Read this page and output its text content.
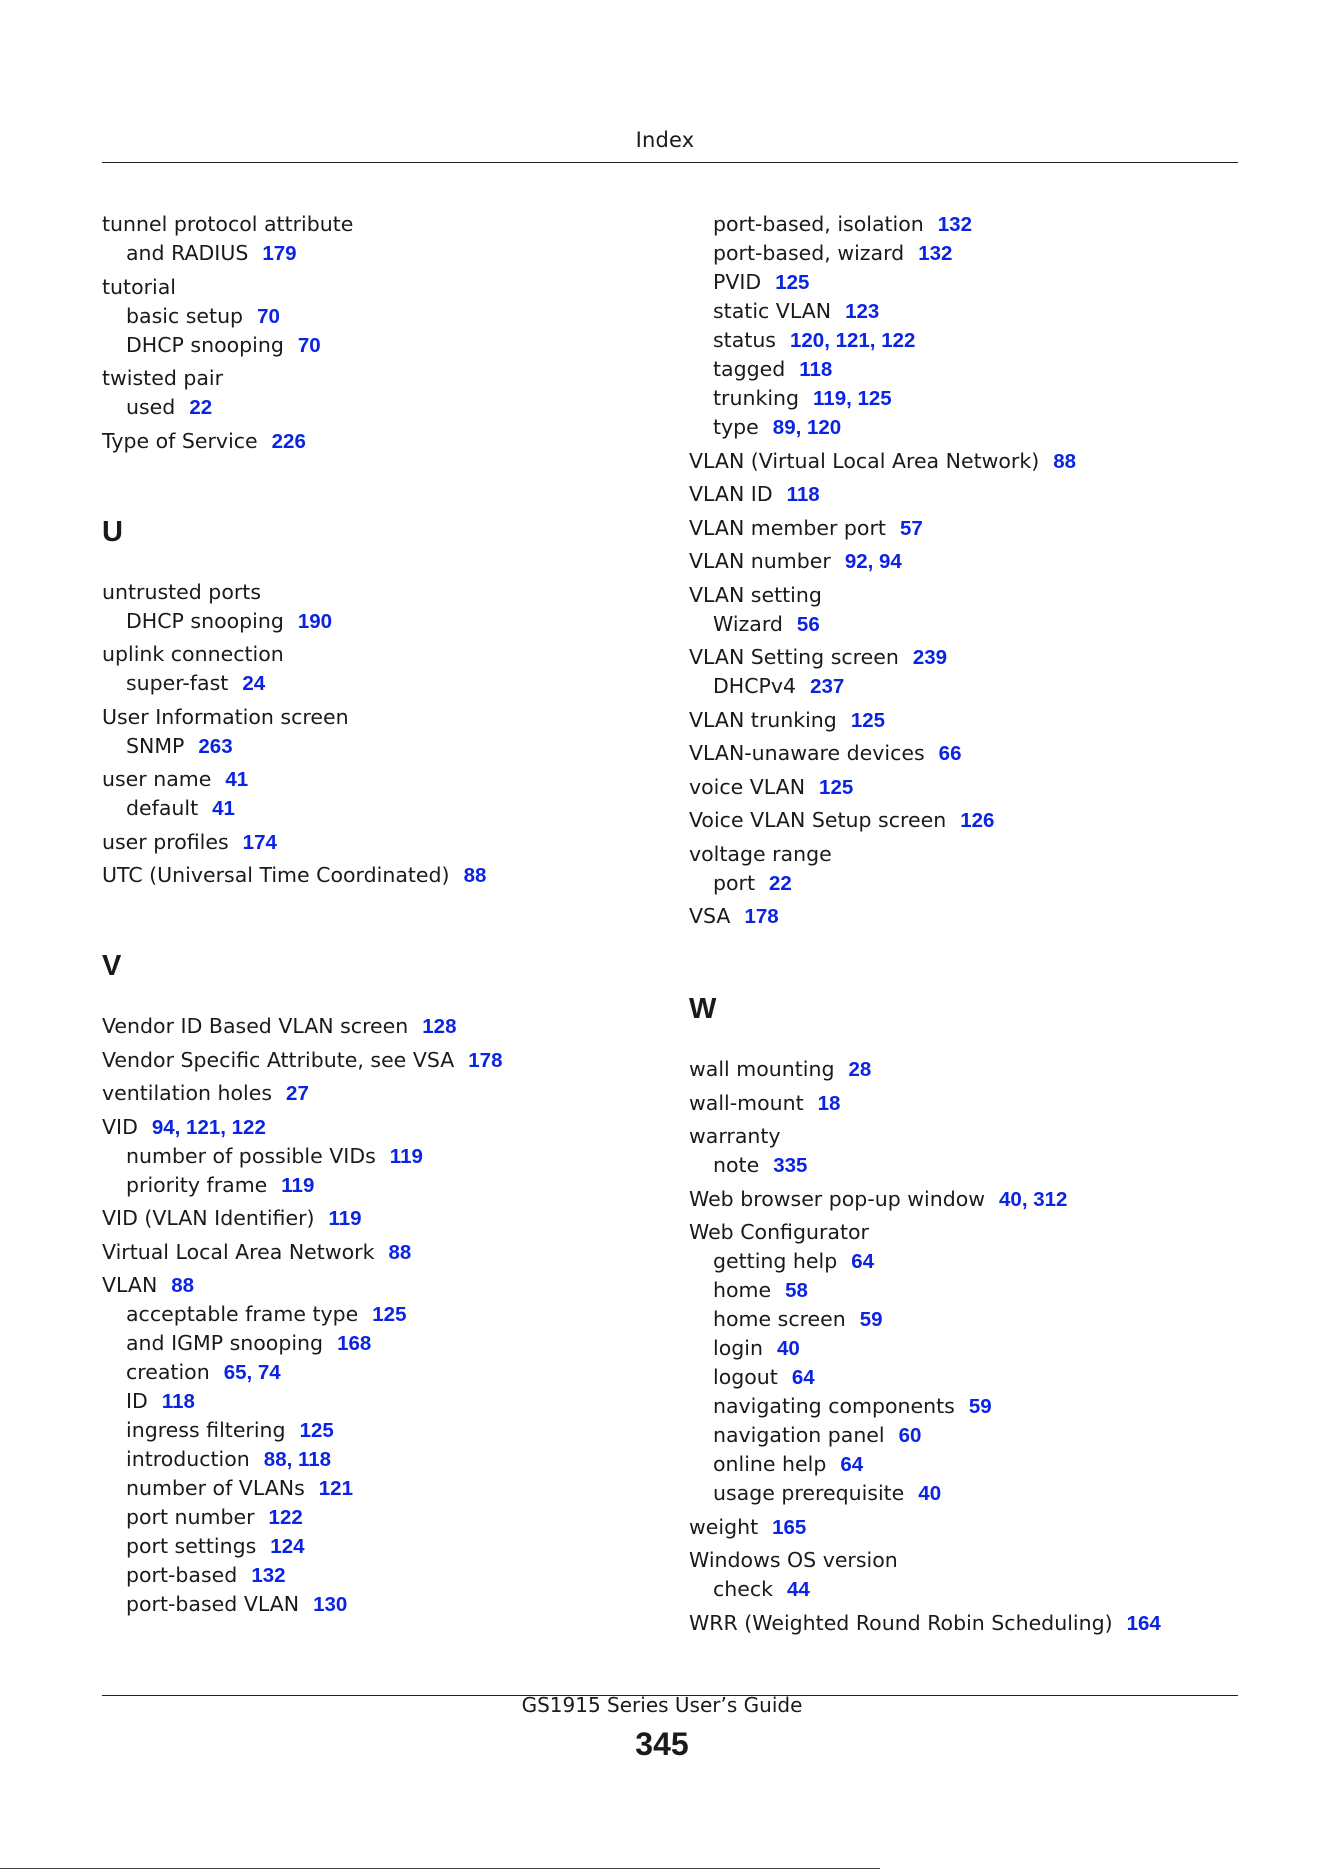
Index
tunnel protocol attribute
and RADIUS 179
tutorial
basic setup 70
DHCP snooping 70
twisted pair
used 22
Type of Service 226
U
untrusted ports
DHCP snooping 190
uplink connection
super-fast 24
User Information screen
SNMP 263
user name 41
default 41
user profiles 174
UTC (Universal Time Coordinated) 88
V
Vendor ID Based VLAN screen 128
Vendor Specific Attribute, see VSA 178
ventilation holes 27
VID 94, 121, 122
number of possible VIDs 119
priority frame 119
VID (VLAN Identifier) 119
Virtual Local Area Network 88
VLAN 88
acceptable frame type 125
and IGMP snooping 168
creation 65, 74
ID 118
ingress filtering 125
introduction 88, 118
number of VLANs 121
port number 122
port settings 124
port-based 132
port-based VLAN 130
port-based, isolation 132
port-based, wizard 132
PVID 125
static VLAN 123
status 120, 121, 122
tagged 118
trunking 119, 125
type 89, 120
VLAN (Virtual Local Area Network) 88
VLAN ID 118
VLAN member port 57
VLAN number 92, 94
VLAN setting
Wizard 56
VLAN Setting screen 239
DHCPv4 237
VLAN trunking 125
VLAN-unaware devices 66
voice VLAN 125
Voice VLAN Setup screen 126
voltage range
port 22
VSA 178
W
wall mounting 28
wall-mount 18
warranty
note 335
Web browser pop-up window 40, 312
Web Configurator
getting help 64
home 58
home screen 59
login 40
logout 64
navigating components 59
navigation panel 60
online help 64
usage prerequisite 40
weight 165
Windows OS version
check 44
WRR (Weighted Round Robin Scheduling) 164
GS1915 Series User’s Guide
345
